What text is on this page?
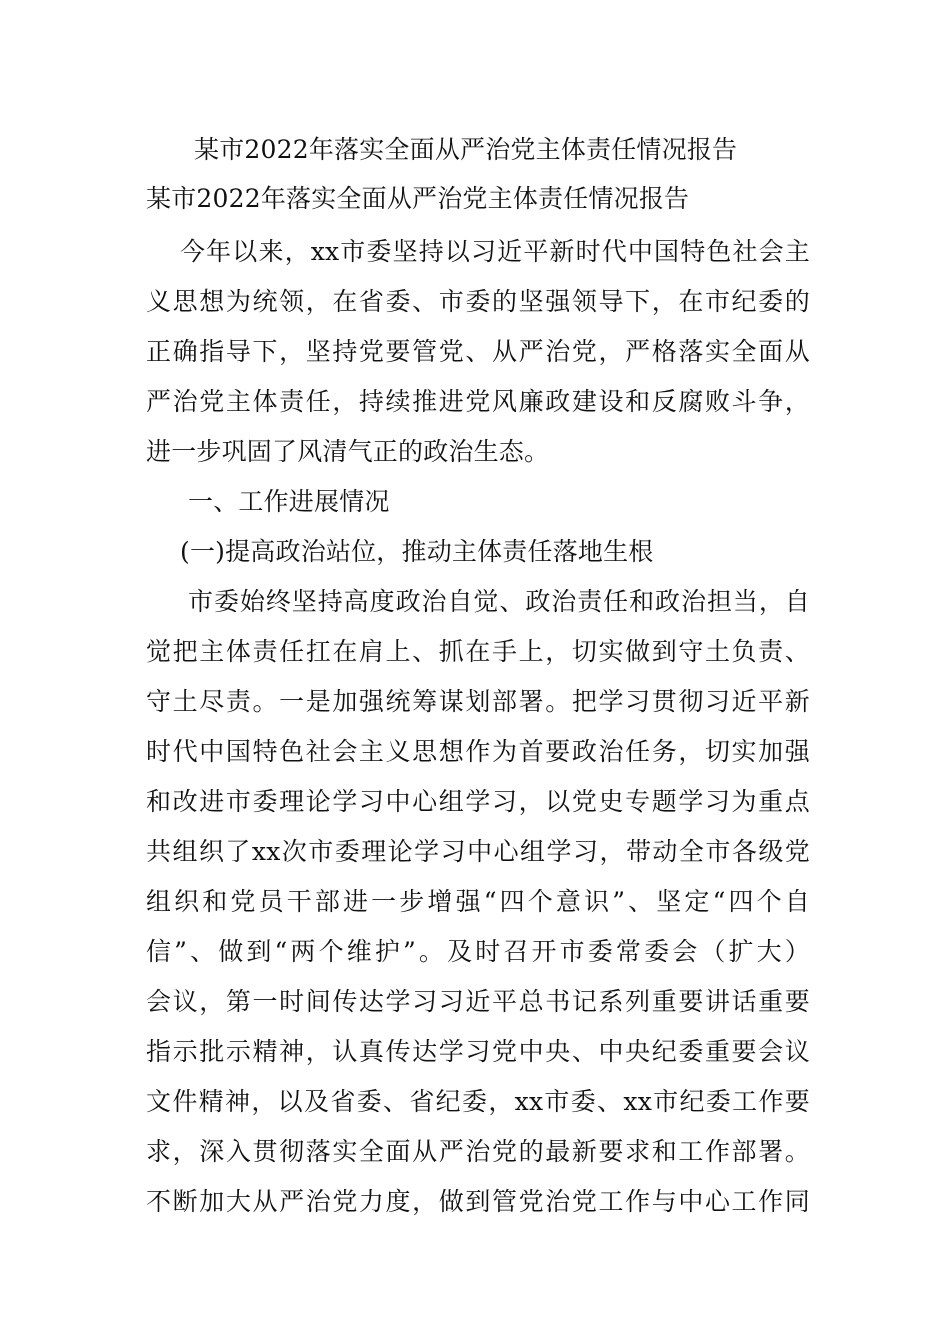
某市2022年落实全面从严治党主体责任情况报告

某市2022年落实全面从严治党主体责任情况报告

今年以来，xx市委坚持以习近平新时代中国特色社会主

义思想为统领，在省委、市委的坚强领导下，在市纪委的

正确指导下，坚持党要管党、从严治党，严格落实全面从

严治党主体责任，持续推进党风廉政建设和反腐败斗争，

进一步巩固了风清气正的政治生态。

一、工作进展情况

(一)提高政治站位，推动主体责任落地生根

市委始终坚持高度政治自觉、政治责任和政治担当，自

觉把主体责任扛在肩上、抓在手上，切实做到守土负责、

守土尽责。一是加强统筹谋划部署。把学习贯彻习近平新

时代中国特色社会主义思想作为首要政治任务，切实加强

和改进市委理论学习中心组学习，以党史专题学习为重点

共组织了xx次市委理论学习中心组学习，带动全市各级党

组织和党员干部进一步增强“四个意识”、坚定“四个自

信”、做到“两个维护”。及时召开市委常委会（扩大）

会议，第一时间传达学习习近平总书记系列重要讲话重要

指示批示精神，认真传达学习党中央、中央纪委重要会议

文件精神，以及省委、省纪委，xx市委、xx市纪委工作要

求，深入贯彻落实全面从严治党的最新要求和工作部署。

不断加大从严治党力度，做到管党治党工作与中心工作同
